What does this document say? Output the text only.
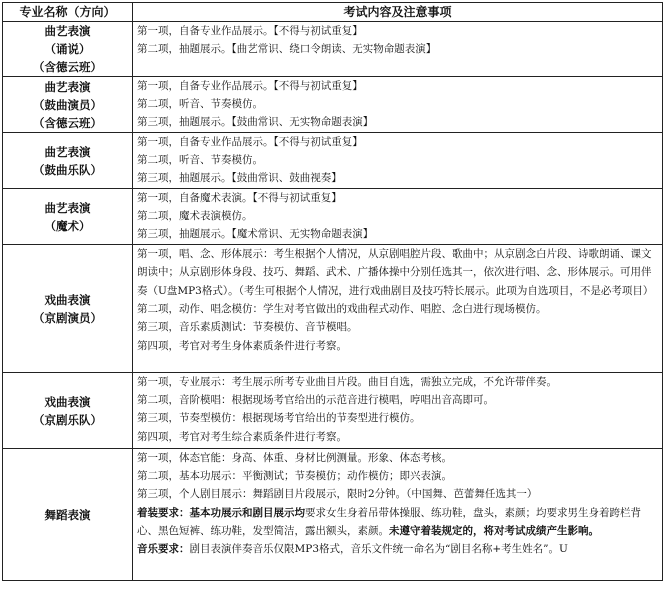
专业名称（方向）	考试内容及注意事项

曲艺表演
（诵说）
（含德云班）	第一项，自备专业作品展示。【不得与初试重复】
第二项，抽题展示。【曲艺常识、绕口令朗读、无实物命题表演】

曲艺表演
（鼓曲演员）
（含德云班）	第一项，自备专业作品展示。【不得与初试重复】
第二项，听音、节奏模仿。
第三项，抽题展示。【鼓曲常识、无实物命题表演】

曲艺表演
（鼓曲乐队）	第一项，自备专业作品展示。【不得与初试重复】
第二项，听音、节奏模仿。
第三项，抽题展示。【鼓曲常识、鼓曲视奏】

曲艺表演
（魔术）	第一项，自备魔术表演。【不得与初试重复】
第二项，魔术表演模仿。
第三项，抽题展示。【魔术常识、无实物命题表演】

戏曲表演
（京剧演员）	第一项，唱、念、形体展示：考生根据个人情况，从京剧唱腔片段、歌曲中；从京剧念白片段、诗歌朗诵、课文朗读中；从京剧形体身段、技巧、舞蹈、武术、广播体操中分别任选其一，依次进行唱、念、形体展示。可用伴奏（U盘MP3格式）。（考生可根据个人情况，进行戏曲剧目及技巧特长展示。此项为自选项目，不是必考项目）
第二项，动作、唱念模仿：学生对考官做出的戏曲程式动作、唱腔、念白进行现场模仿。
第三项，音乐素质测试：节奏模仿、音节模唱。
第四项，考官对考生身体素质条件进行考察。

戏曲表演
（京剧乐队）	第一项，专业展示：考生展示所考专业曲目片段。曲目自选，需独立完成，不允许带伴奏。
第二项，音阶模唱：根据现场考官给出的示范音进行模唱，哼唱出音高即可。
第三项，节奏型模仿：根据现场考官给出的节奏型进行模仿。
第四项，考官对考生综合素质条件进行考察。

舞蹈表演	第一项，体态官能：身高、体重、身材比例测量。形象、体态考核。
第二项，基本功展示：平衡测试；节奏模仿；动作模仿；即兴表演。
第三项，个人剧目展示：舞蹈剧目片段展示，限时2分钟。（中国舞、芭蕾舞任选其一）
着装要求：基本功展示和剧目展示均要求女生身着吊带体操服、练功鞋，盘头，素颜；均要求男生身着跨栏背心、黑色短裤、练功鞋，发型简洁，露出额头，素颜。未遵守着装规定的，将对考试成绩产生影响。
音乐要求：剧目表演伴奏音乐仅限MP3格式，音乐文件统一命名为“剧目名称+考生姓名”。U
